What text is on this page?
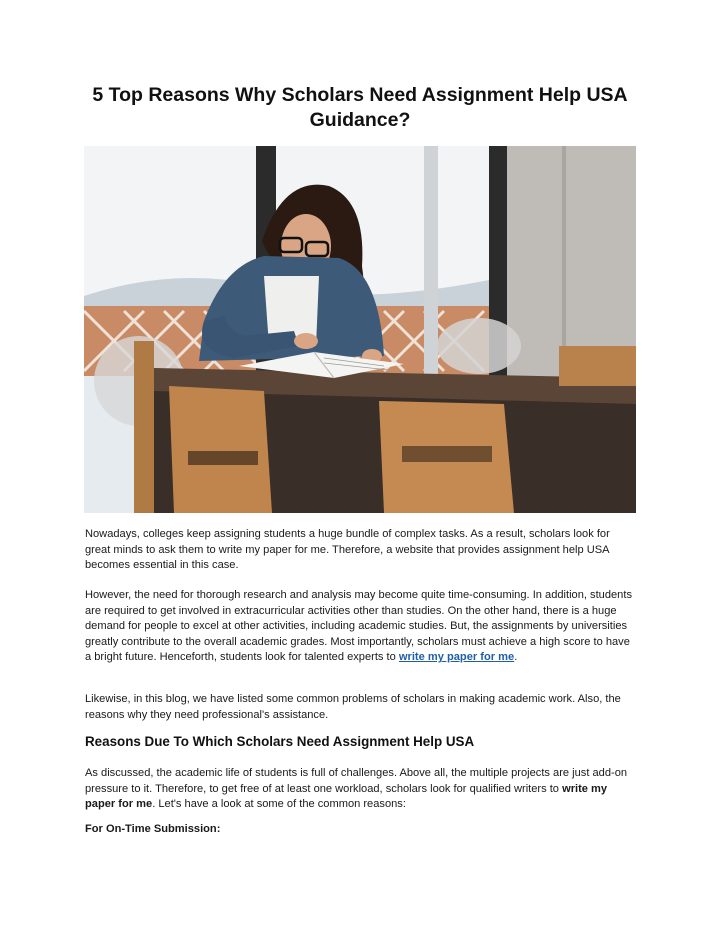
5 Top Reasons Why Scholars Need Assignment Help USA Guidance?

Nowadays, colleges keep assigning students a huge bundle of complex tasks. As a result, scholars look for great minds to ask them to write my paper for me. Therefore, a website that provides assignment help USA becomes essential in this case.

However, the need for thorough research and analysis may become quite time-consuming. In addition, students are required to get involved in extracurricular activities other than studies. On the other hand, there is a huge demand for people to excel at other activities, including academic studies. But, the assignments by universities greatly contribute to the overall academic grades. Most importantly, scholars must achieve a high score to have a bright future. Henceforth, students look for talented experts to write my paper for me.

Likewise, in this blog, we have listed some common problems of scholars in making academic work. Also, the reasons why they need professional's assistance.

Reasons Due To Which Scholars Need Assignment Help USA

As discussed, the academic life of students is full of challenges. Above all, the multiple projects are just add-on pressure to it. Therefore, to get free of at least one workload, scholars look for qualified writers to write my paper for me. Let's have a look at some of the common reasons:

For On-Time Submission:
